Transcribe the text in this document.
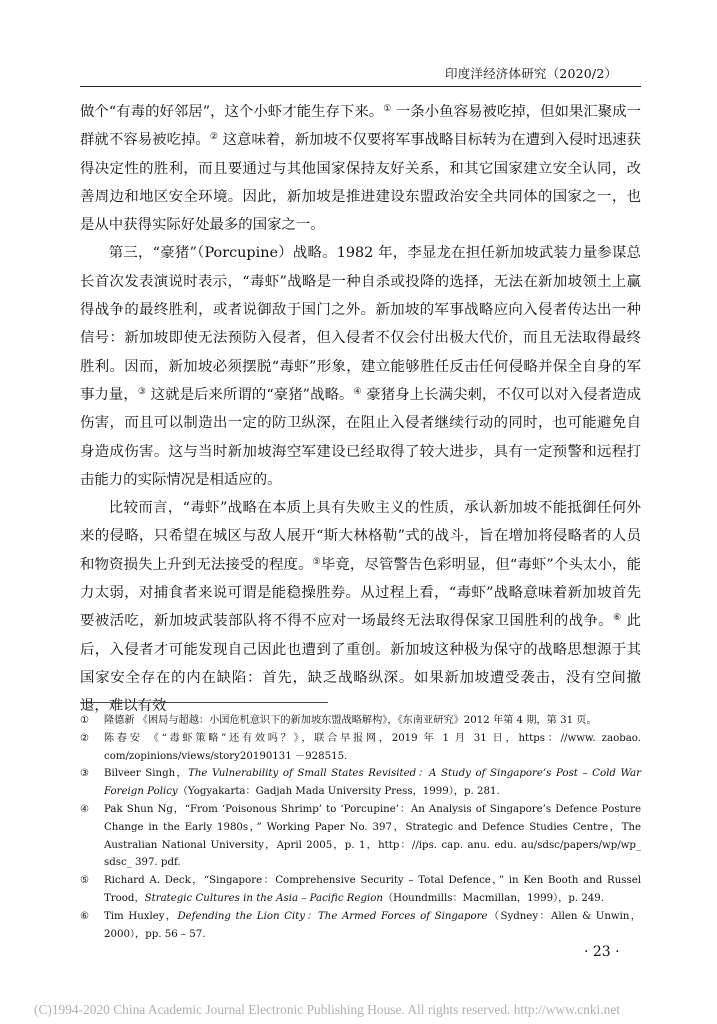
印度洋经济体研究（2020/2）

做个“有毒的好邻居”，这个小虾才能生存下来。① 一条小鱼容易被吃掉，但如果汇聚成一群就不容易被吃掉。② 这意味着，新加坡不仅要将军事战略目标转为在遭到入侵时迅速获得决定性的胜利，而且要通过与其他国家保持友好关系，和其它国家建立安全认同，改善周边和地区安全环境。因此，新加坡是推进建设东盟政治安全共同体的国家之一，也是从中获得实际好处最多的国家之一。

第三，“豪猪”（Porcupine）战略。1982 年，李显龙在担任新加坡武装力量参谋总长首次发表演说时表示，“毒虾”战略是一种自杀或投降的选择，无法在新加坡领土上赢得战争的最终胜利，或者说御敌于国门之外。新加坡的军事战略应向入侵者传达出一种信号：新加坡即使无法预防入侵者，但入侵者不仅会付出极大代价，而且无法取得最终胜利。因而，新加坡必须摆脱“毒虾”形象，建立能够胜任反击任何侵略并保全自身的军事力量，③ 这就是后来所谓的“豪猪”战略。④ 豪猪身上长满尖刺，不仅可以对入侵者造成伤害，而且可以制造出一定的防卫纵深，在阻止入侵者继续行动的同时，也可能避免自身造成伤害。这与当时新加坡海空军建设已经取得了较大进步，具有一定预警和远程打击能力的实际情况是相适应的。

比较而言，“毒虾”战略在本质上具有失败主义的性质，承认新加坡不能抵御任何外来的侵略，只希望在城区与敌人展开“斯大林格勒”式的战斗，旨在增加将侵略者的人员和物资损失上升到无法接受的程度。⑤毕竟，尽管警告色彩明显，但“毒虾”个头太小，能力太弱，对捕食者来说可谓是能稳操胜券。从过程上看，“毒虾”战略意味着新加坡首先要被活吃，新加坡武装部队将不得不应对一场最终无法取得保家卫国胜利的战争。⑥ 此后，入侵者才可能发现自己因此也遭到了重创。新加坡这种极为保守的战略思想源于其国家安全存在的内在缺陷：首先，缺乏战略纵深。如果新加坡遭受袭击，没有空间撤退，难以有效

①	隆德新 《困局与超越：小国危机意识下的新加坡东盟战略解构》，《东南亚研究》2012 年第 4 期，第 31 页。
②	陈春安 《“毒虾策略”还有效吗？》，联合早报网，2019 年 1 月 31 日，https：//www. zaobao. com/zopinions/views/story20190131 －928515.
③	Bilveer Singh，The Vulnerability of Small States Revisited：A Study of Singapore’s Post – Cold War Foreign Policy（Yogyakarta：Gadjah Mada University Press，1999），p. 281.
④	Pak Shun Ng，“From ‘Poisonous Shrimp’ to ‘Porcupine’：An Analysis of Singapore’s Defence Posture Change in the Early 1980s，” Working Paper No. 397，Strategic and Defence Studies Centre，The Australian National University，April 2005，p. 1，http：//ips. cap. anu. edu. au/sdsc/papers/wp/wp_ sdsc_ 397. pdf.
⑤	Richard A. Deck，“Singapore：Comprehensive Security – Total Defence，” in Ken Booth and Russel Trood，Strategic Cultures in the Asia – Pacific Region（Houndmills：Macmillan，1999），p. 249.
⑥	Tim Huxley，Defending the Lion City：The Armed Forces of Singapore（Sydney：Allen & Unwin，2000），pp. 56 – 57.
· 23 ·
(C)1994-2020 China Academic Journal Electronic Publishing House. All rights reserved. http://www.cnki.net
